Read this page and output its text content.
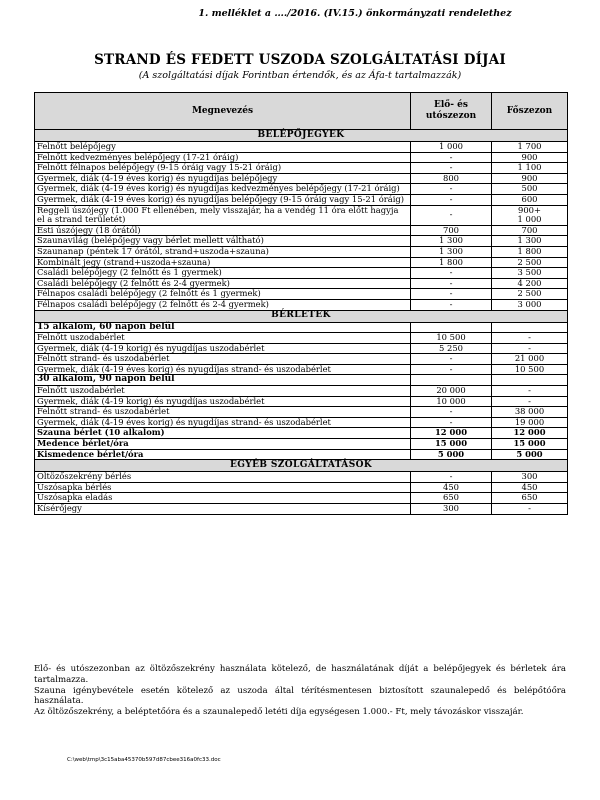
1. melléklet a …./2016. (IV.15.) önkormányzati rendelethez
STRAND ÉS FEDETT USZODA SZOLGÁLTATÁSI DÍJAI
(A szolgáltatási díjak Forintban értendők, és az Áfa-t tartalmazzák)
Megnevezés	Elő- és utószezon	Főszezon
BELÉPŐJEGYEK		
Felnőtt belépőjegy	1 000	1 700
Felnőtt kedvezményes belépőjegy (17-21 óráig)	-	900
Felnőtt félnapos belépőjegy (9-15 óráig vagy 15-21 óráig)	-	1 100
Gyermek, diák (4-19 éves korig) és nyugdíjas belépőjegy	800	900
Gyermek, diák (4-19 éves korig) és nyugdíjas kedvezményes belépőjegy (17-21 óráig)	-	500
Gyermek, diák (4-19 éves korig) és nyugdíjas belépőjegy (9-15 óráig vagy 15-21 óráig)	-	600
Reggeli úszójegy (1.000 Ft ellenében, mely visszajár, ha a vendég 11 óra előtt hagyja el a strand területét)	-	900+
1 000
Esti úszójegy (18 órától)	700	700
Szaunavilág (belépőjegy vagy bérlet mellett váltható)	1 300	1 300
Szaunanap (péntek 17 órától, strand+uszoda+szauna)	1 300	1 800
Kombinált jegy (strand+uszoda+szauna)	1 800	2 500
Családi belépőjegy (2 felnőtt és 1 gyermek)	-	3 500
Családi belépőjegy (2 felnőtt és 2-4 gyermek)	-	4 200
Félnapos családi belépőjegy (2 felnőtt és 1 gyermek)	-	2 500
Félnapos családi belépőjegy (2 felnőtt és 2-4 gyermek)	-	3 000
BÉRLETEK		
15 alkalom, 60 napon belül		
Felnőtt uszodabérlet	10 500	-
Gyermek, diák (4-19 korig) és nyugdíjas uszodabérlet	5 250	-
Felnőtt strand- és uszodabérlet	-	21 000
Gyermek, diák (4-19 éves korig) és nyugdíjas strand- és uszodabérlet	-	10 500
30 alkalom, 90 napon belül		
Felnőtt uszodabérlet	20 000	-
Gyermek, diák (4-19 korig) és nyugdíjas uszodabérlet	10 000	-
Felnőtt strand- és uszodabérlet	-	38 000
Gyermek, diák (4-19 éves korig) és nyugdíjas strand- és uszodabérlet	-	19 000
Szauna bérlet (10 alkalom)	12 000	12 000
Medence bérlet/óra	15 000	15 000
Kismedence bérlet/óra	5 000	5 000
EGYÉB SZOLGÁLTATÁSOK		
Öltözőszekrény bérlés	-	300
Úszósapka bérlés	450	450
Úszósapka eladás	650	650
Kísérőjegy	300	-

Elő- és utószezonban az öltözőszekrény használata kötelező, de használatának díját a belépőjegyek és bérletek ára tartalmazza.

Szauna igénybevétele esetén kötelező az uszoda által térítésmentesen biztosított szaunalepedő és belépőtóőra használata.

Az öltözőszekrény, a beléptetőóra és a szaunalepedő letéti díja egységesen 1.000.- Ft, mely távozáskor visszajár.

C:\web\tmp\3c15aba45370b597d87cbee316a0fc33.doc
